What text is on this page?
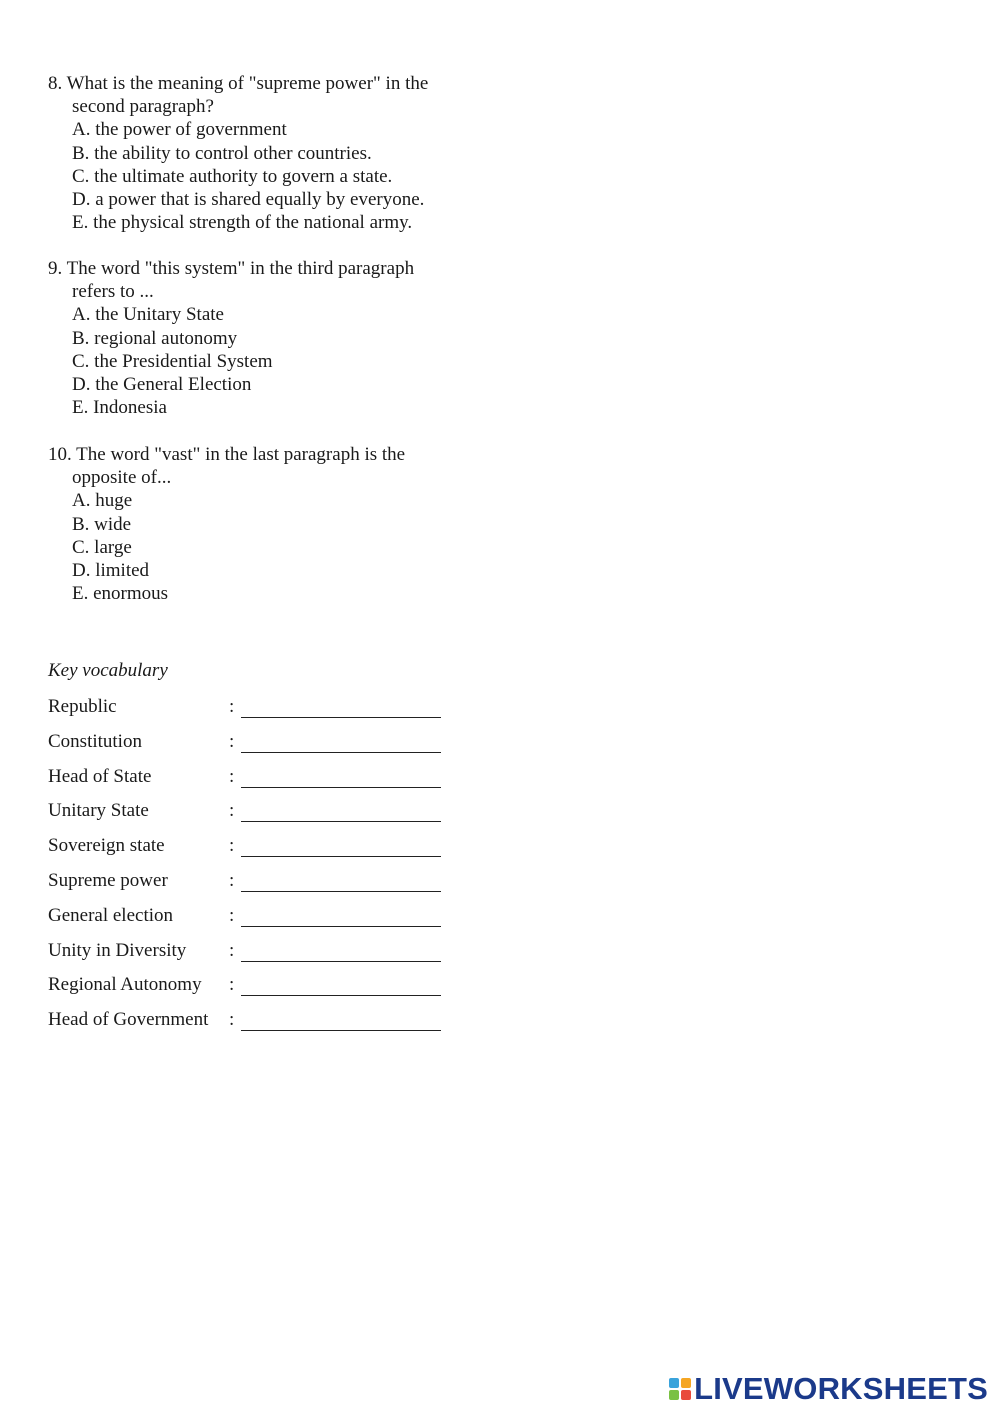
8. What is the meaning of "supreme power" in the
second paragraph?
A. the power of government
B. the ability to control other countries.
C. the ultimate authority to govern a state.
D. a power that is shared equally by everyone.
E. the physical strength of the national army.
9. The word "this system" in the third paragraph
refers to ...
A. the Unitary State
B. regional autonomy
C. the Presidential System
D. the General Election
E. Indonesia
10. The word "vast" in the last paragraph is the
opposite of...
A. huge
B. wide
C. large
D. limited
E. enormous
Key vocabulary
Republic	:
Constitution	:
Head of State	:
Unitary State	:
Sovereign state	:
Supreme power	:
General election	:
Unity in Diversity :
Regional Autonomy :
Head of Government :
LIVEWORKSHEETS
